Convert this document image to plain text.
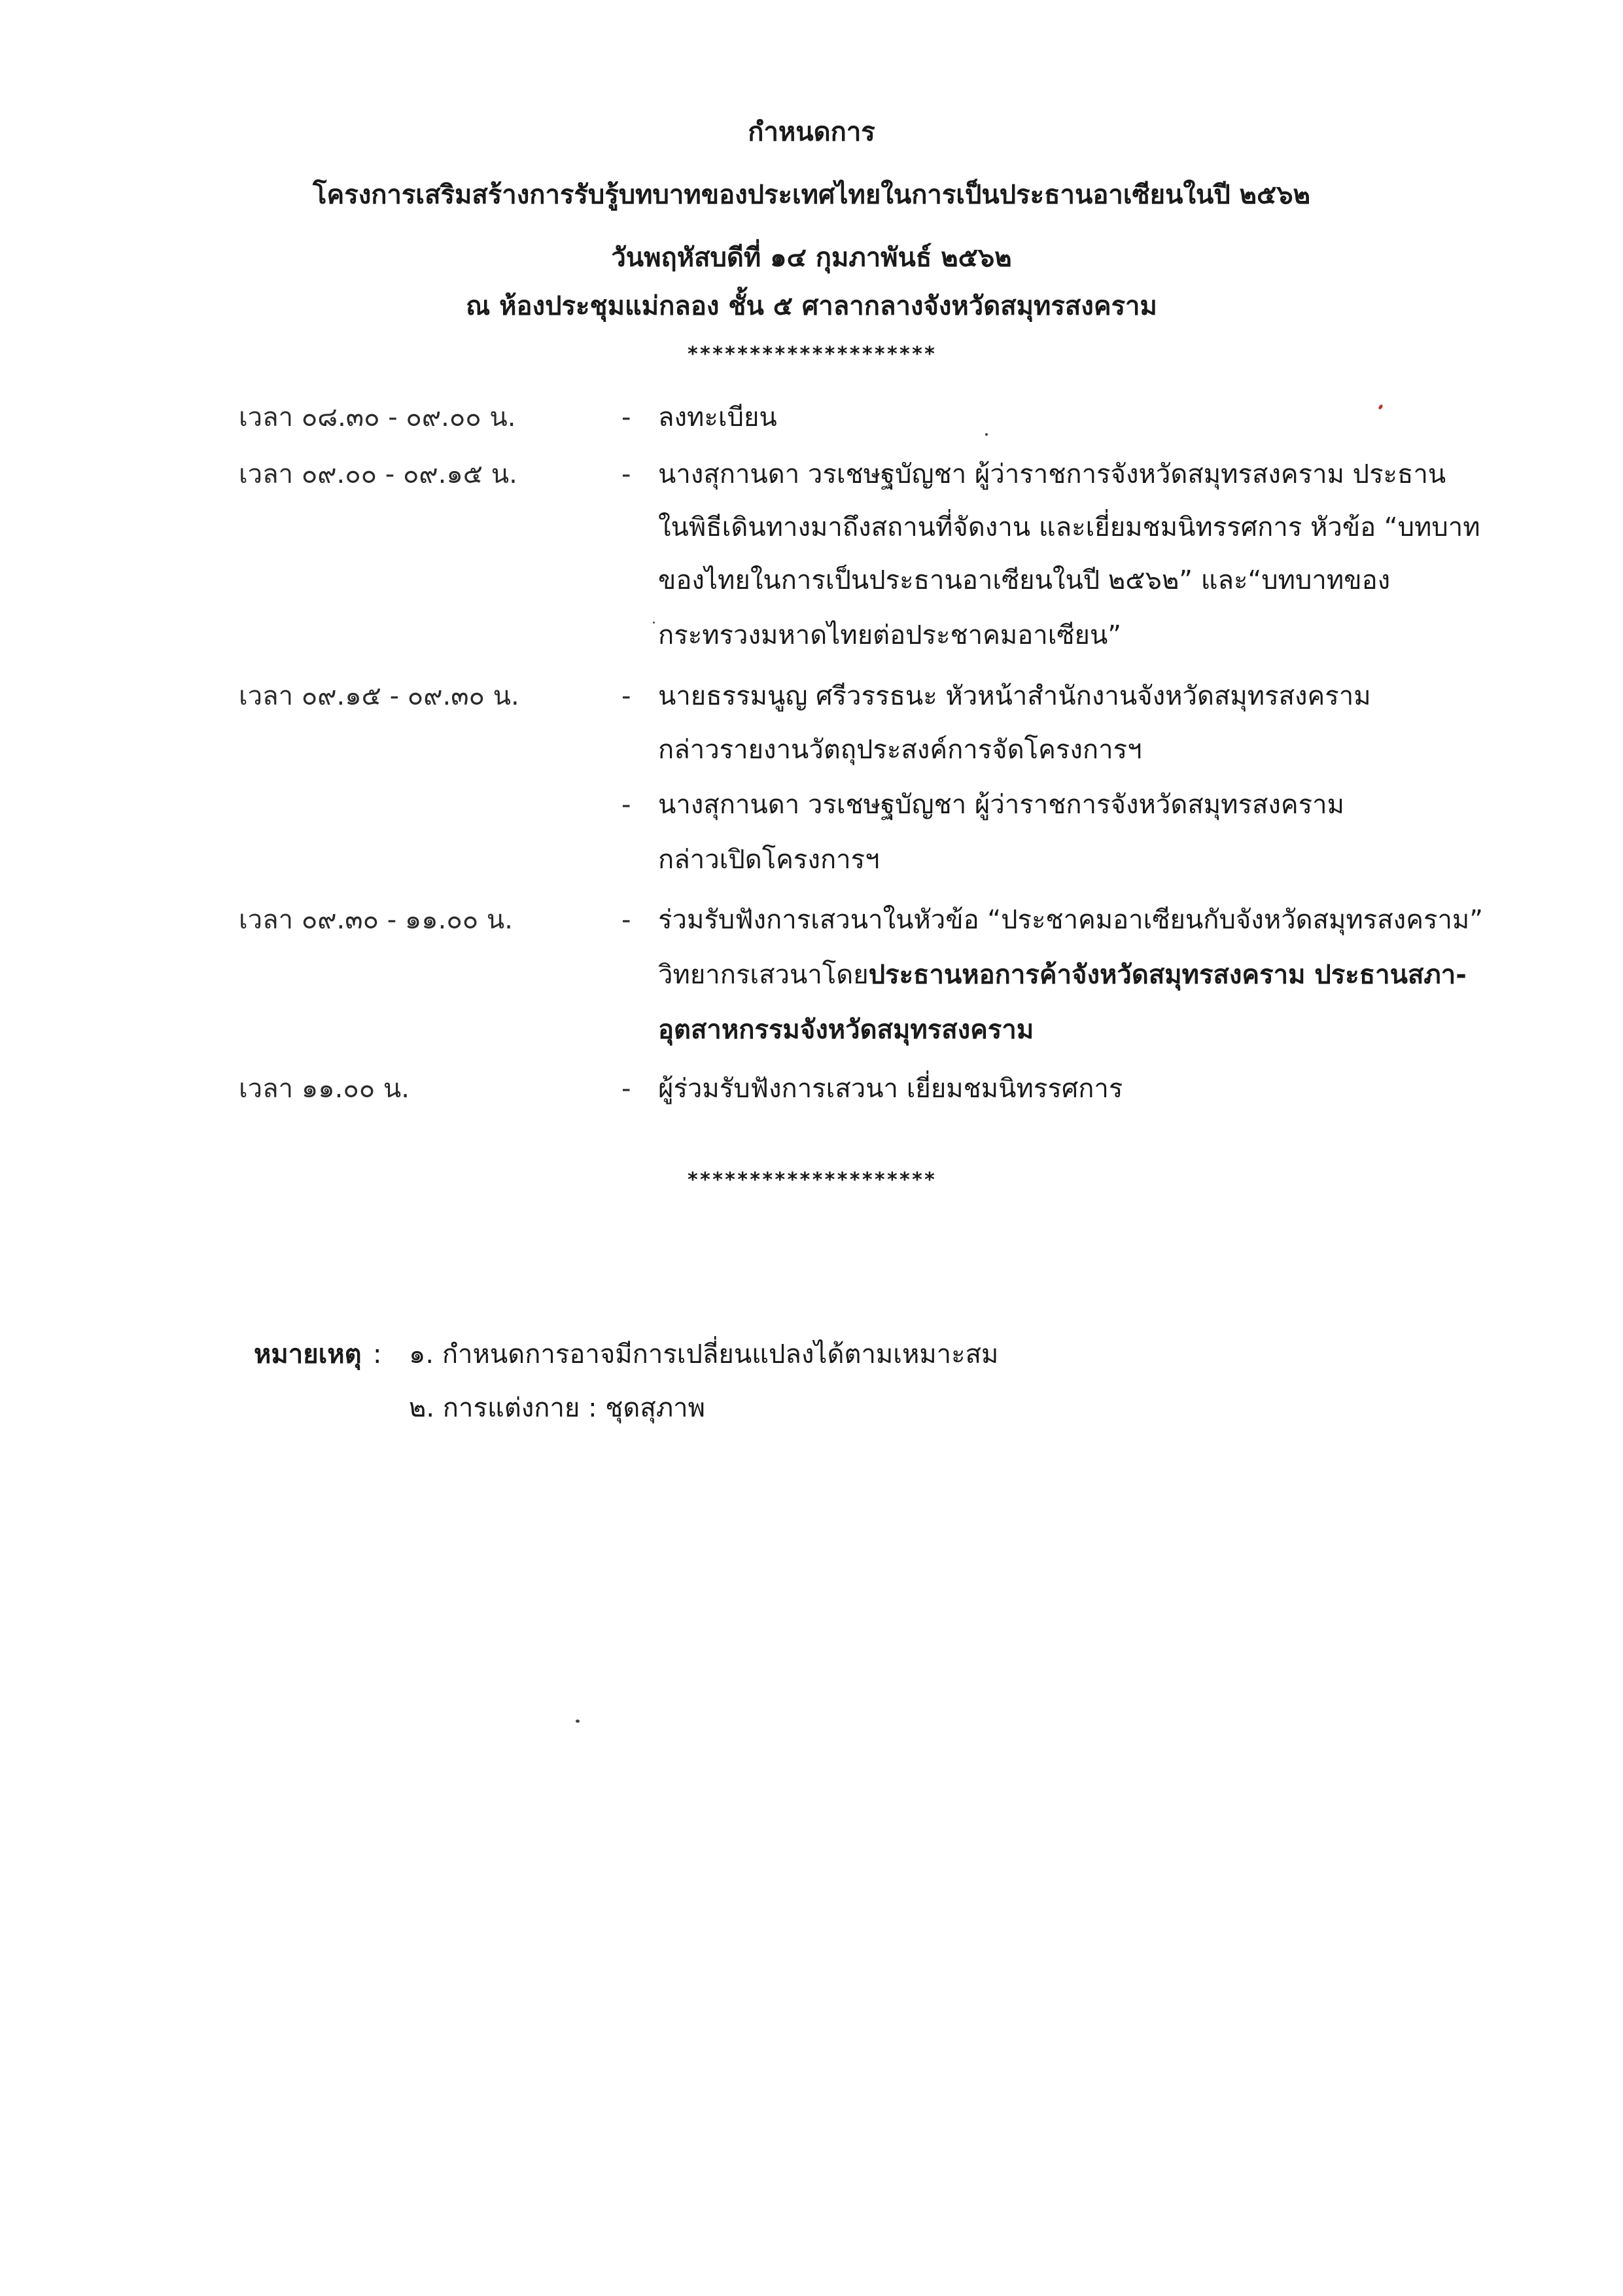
กำหนดการ
โครงการเสริมสร้างการรับรู้บทบาทของประเทศไทยในการเป็นประธานอาเซียนในปี ๒๕๖๒
วันพฤหัสบดีที่ ๑๔ กุมภาพันธ์ ๒๕๖๒
ณ ห้องประชุมแม่กลอง ชั้น ๕ ศาลากลางจังหวัดสมุทรสงคราม
********************
เวลา ๐๘.๓๐ - ๐๙.๐๐ น.	- ลงทะเบียน
เวลา ๐๙.๐๐ - ๐๙.๑๕ น.	- นางสุกานดา วรเชษฐบัญชา ผู้ว่าราชการจังหวัดสมุทรสงคราม ประธาน
ในพิธีเดินทางมาถึงสถานที่จัดงาน และเยี่ยมชมนิทรรศการ หัวข้อ “บทบาท
ของไทยในการเป็นประธานอาเซียนในปี ๒๕๖๒” และ“บทบาทของ
กระทรวงมหาดไทยต่อประชาคมอาเซียน”
เวลา ๐๙.๑๕ - ๐๙.๓๐ น.	- นายธรรมนูญ ศรีวรรธนะ หัวหน้าสำนักงานจังหวัดสมุทรสงคราม
กล่าวรายงานวัตถุประสงค์การจัดโครงการฯ
- นางสุกานดา วรเชษฐบัญชา ผู้ว่าราชการจังหวัดสมุทรสงคราม
กล่าวเปิดโครงการฯ
เวลา ๐๙.๓๐ - ๑๑.๐๐ น.	- ร่วมรับฟังการเสวนาในหัวข้อ “ประชาคมอาเซียนกับจังหวัดสมุทรสงคราม”
วิทยากรเสวนาโดยประธานหอการค้าจังหวัดสมุทรสงคราม ประธานสภา-
อุตสาหกรรมจังหวัดสมุทรสงคราม
เวลา ๑๑.๐๐ น.	- ผู้ร่วมรับฟังการเสวนา เยี่ยมชมนิทรรศการ
********************
หมายเหตุ : ๑. กำหนดการอาจมีการเปลี่ยนแปลงได้ตามเหมาะสม
๒. การแต่งกาย : ชุดสุภาพ
